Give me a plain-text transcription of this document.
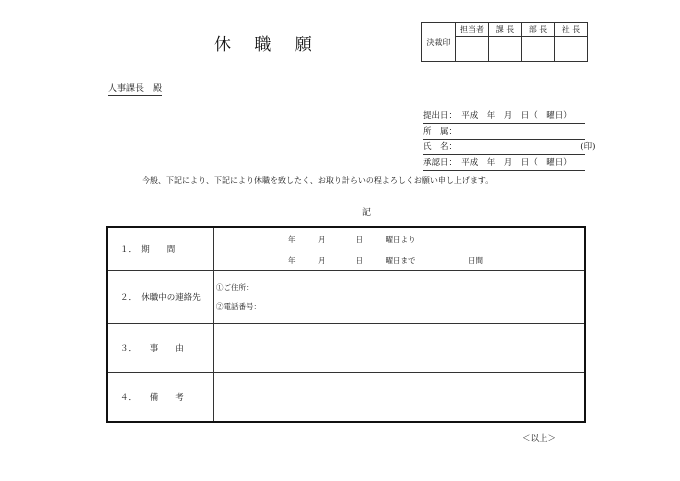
休 職 願	決裁印	担当者	課 長	部 長	社 長

人事課長　殿
提出日：　平成　年　月　日（　曜日）
所　属：
氏　名：　　　　　　　　　　　　　　　(印)
承認日：　平成　年　月　日（　曜日）
今般、下記により、下記により休職を致したく、お取り計らいの程よろしくお願い申し上げます。
記
１．　期　　間
年　　　月　　　　日　　　曜日より
年　　　月　　　　日　　　曜日まで　　　　　　　日間
２．　休職中の連絡先
①ご住所：
②電話番号：
３．　　事　　由
４．　　備　　考
＜以上＞
